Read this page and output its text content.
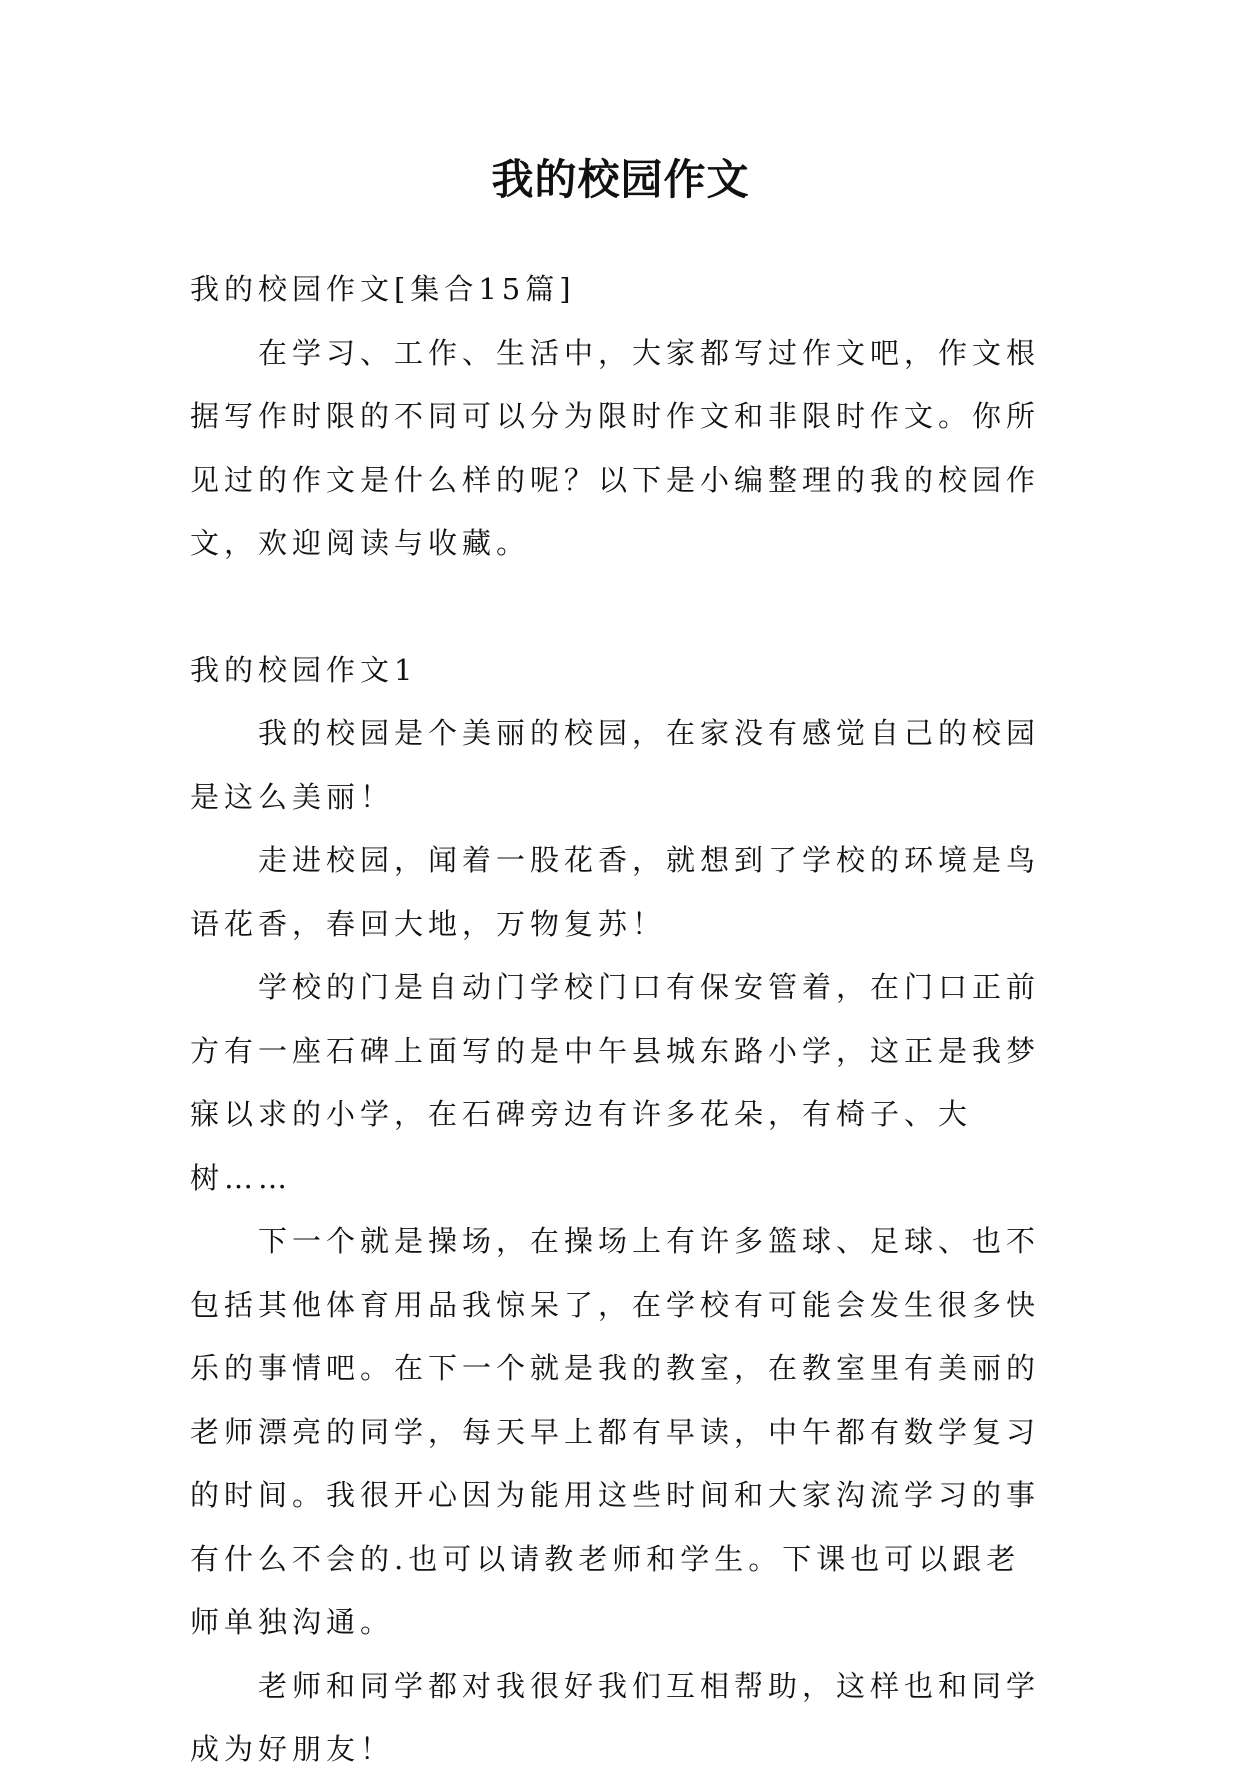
我的校园作文

我的校园作文[集合15篇]

在学习、工作、生活中，大家都写过作文吧，作文根据写作时限的不同可以分为限时作文和非限时作文。你所见过的作文是什么样的呢？以下是小编整理的我的校园作文，欢迎阅读与收藏。

我的校园作文1

我的校园是个美丽的校园，在家没有感觉自己的校园是这么美丽！

走进校园，闻着一股花香，就想到了学校的环境是鸟语花香，春回大地，万物复苏！

学校的门是自动门学校门口有保安管着，在门口正前方有一座石碑上面写的是中午县城东路小学，这正是我梦寐以求的小学，在石碑旁边有许多花朵，有椅子、大树……

下一个就是操场，在操场上有许多篮球、足球、也不包括其他体育用品我惊呆了，在学校有可能会发生很多快乐的事情吧。在下一个就是我的教室，在教室里有美丽的老师漂亮的同学，每天早上都有早读，中午都有数学复习的时间。我很开心因为能用这些时间和大家沟流学习的事有什么不会的.也可以请教老师和学生。下课也可以跟老师单独沟通。

老师和同学都对我很好我们互相帮助，这样也和同学成为好朋友！
